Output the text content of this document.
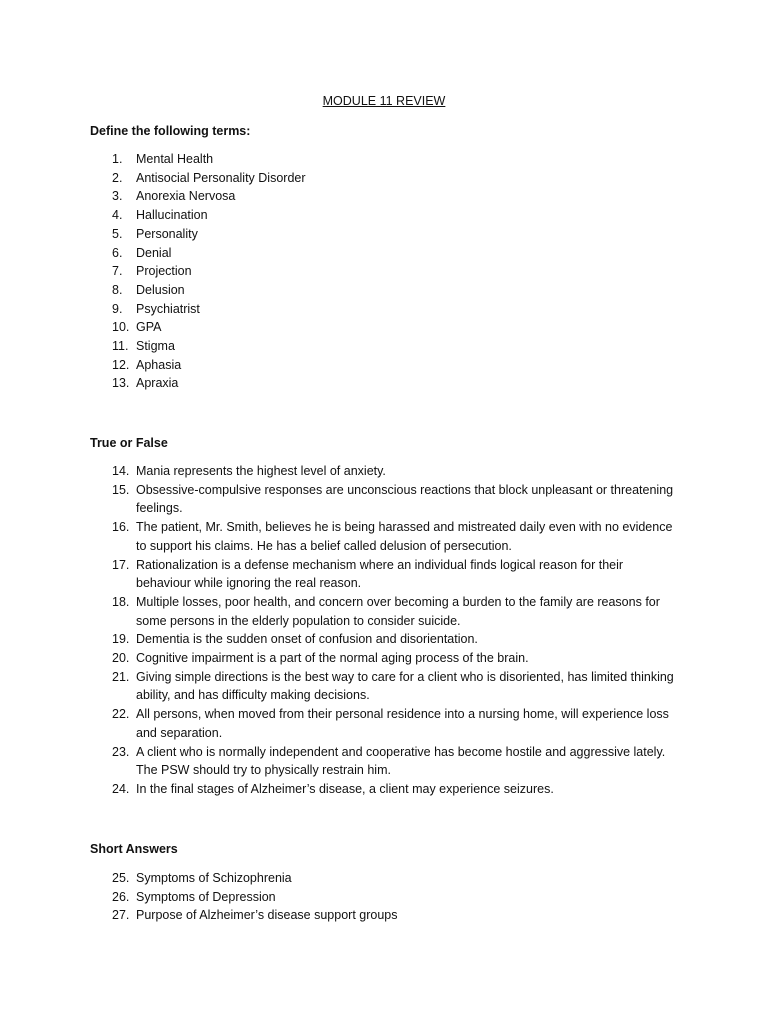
MODULE 11 REVIEW
Define the following terms:
1. Mental Health
2. Antisocial Personality Disorder
3. Anorexia Nervosa
4. Hallucination
5. Personality
6. Denial
7. Projection
8. Delusion
9. Psychiatrist
10. GPA
11. Stigma
12. Aphasia
13. Apraxia
True or False
14. Mania represents the highest level of anxiety.
15. Obsessive-compulsive responses are unconscious reactions that block unpleasant or threatening feelings.
16. The patient, Mr. Smith, believes he is being harassed and mistreated daily even with no evidence to support his claims. He has a belief called delusion of persecution.
17. Rationalization is a defense mechanism where an individual finds logical reason for their behaviour while ignoring the real reason.
18. Multiple losses, poor health, and concern over becoming a burden to the family are reasons for some persons in the elderly population to consider suicide.
19. Dementia is the sudden onset of confusion and disorientation.
20. Cognitive impairment is a part of the normal aging process of the brain.
21. Giving simple directions is the best way to care for a client who is disoriented, has limited thinking ability, and has difficulty making decisions.
22. All persons, when moved from their personal residence into a nursing home, will experience loss and separation.
23. A client who is normally independent and cooperative has become hostile and aggressive lately. The PSW should try to physically restrain him.
24. In the final stages of Alzheimer’s disease, a client may experience seizures.
Short Answers
25. Symptoms of Schizophrenia
26. Symptoms of Depression
27. Purpose of Alzheimer’s disease support groups
